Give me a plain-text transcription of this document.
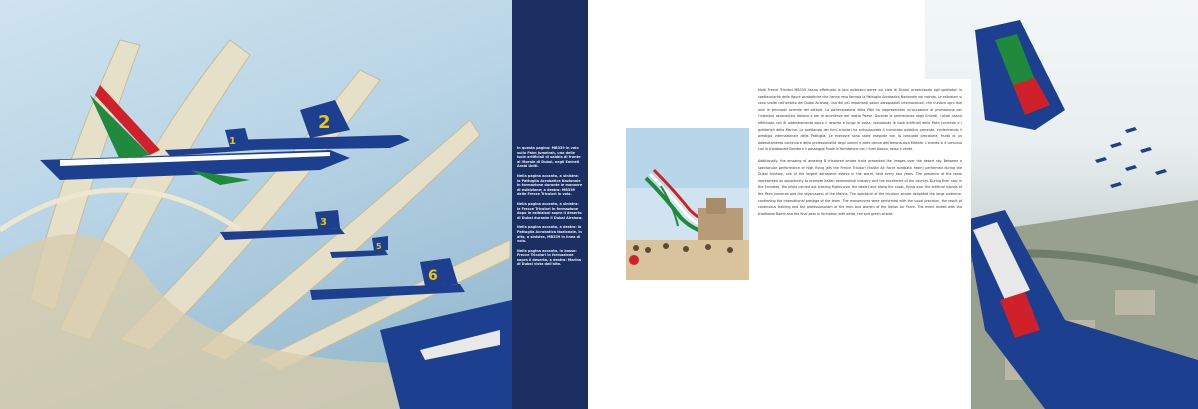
2
1
3
5
6

In questa pagina: MB339 in volo sulla Palm Jumeirah, una delle isole artificiali di sabbia di fronte al litorale di Dubai, negli Emirati Arabi Uniti.

Nella pagina accanto, a sinistra: la Pattuglia Acrobatica Nazionale in formazione durante le manovre di esibizione; a destra: MB339 delle Frecce Tricolori in volo.

Nella pagina accanto, a sinistra: le Frecce Tricolori in formazione dopo le esibizioni sopra il deserto di Dubai durante il Dubai Airshow.

Nella pagina accanto, a destra: la Pattuglia Acrobatica Nazionale, in alto, a sinistra, MB339 in linea di volo.

Nella pagina accanto, in basso: Frecce Tricolori in formazione sopra il deserto, a destra: Marina di Dubai vista dall'alto.

Molti Frecce Tricolori MB339 hanno effettuato le loro esibizioni aeree sul cielo di Dubai, presentando agli spettatori la spettacolarità delle figure acrobatiche che hanno reso famosa la Pattuglia Acrobatica Nazionale nel mondo. Le esibizioni si sono svolte nell'ambito del Dubai Airshow, uno dei più importanti saloni aerospaziali internazionali, che riunisce ogni due anni le principali aziende del settore. La partecipazione della PAN ha rappresentato un'occasione di promozione per l'industria aeronautica italiana e per le eccellenze del nostro Paese. Durante la permanenza negli Emirati, i piloti hanno effettuato voli di addestramento sopra il deserto e lungo la costa, sorvolando le isole artificiali della Palm Jumeirah e i grattacieli della Marina. Lo spettacolo dei fumi tricolori ha entusiasmato il numeroso pubblico presente, confermando il prestigio internazionale della Pattuglia. Le manovre sono state eseguite con la consueta precisione, frutto di un addestramento continuo e della professionalità degli uomini e delle donne dell'Aeronautica Militare. L'evento si è concluso con la tradizionale Bomba e il passaggio finale in formazione con i fumi bianco, rosso e verde.

Additionally, the amazing of amazing B tricolored smoke trails presented the images over the desert sky. Between a spectacular performance of high flying jets the Frecce Tricolori (Italian Air Force acrobatic team) performed during the Dubai Airshow, one of the largest aerospace events in the world, held every two years. The presence of the team represented an opportunity to promote Italian aeronautical industry and the excellence of the country. During their stay in the Emirates, the pilots carried out training flights over the desert and along the coast, flying over the artificial islands of the Palm Jumeirah and the skyscrapers of the Marina. The spectacle of the tricolour smoke delighted the large audience, confirming the international prestige of the team. The manoeuvres were performed with the usual precision, the result of continuous training and the professionalism of the men and women of the Italian Air Force. The event ended with the traditional Bomb and the final pass in formation with white, red and green smoke.
